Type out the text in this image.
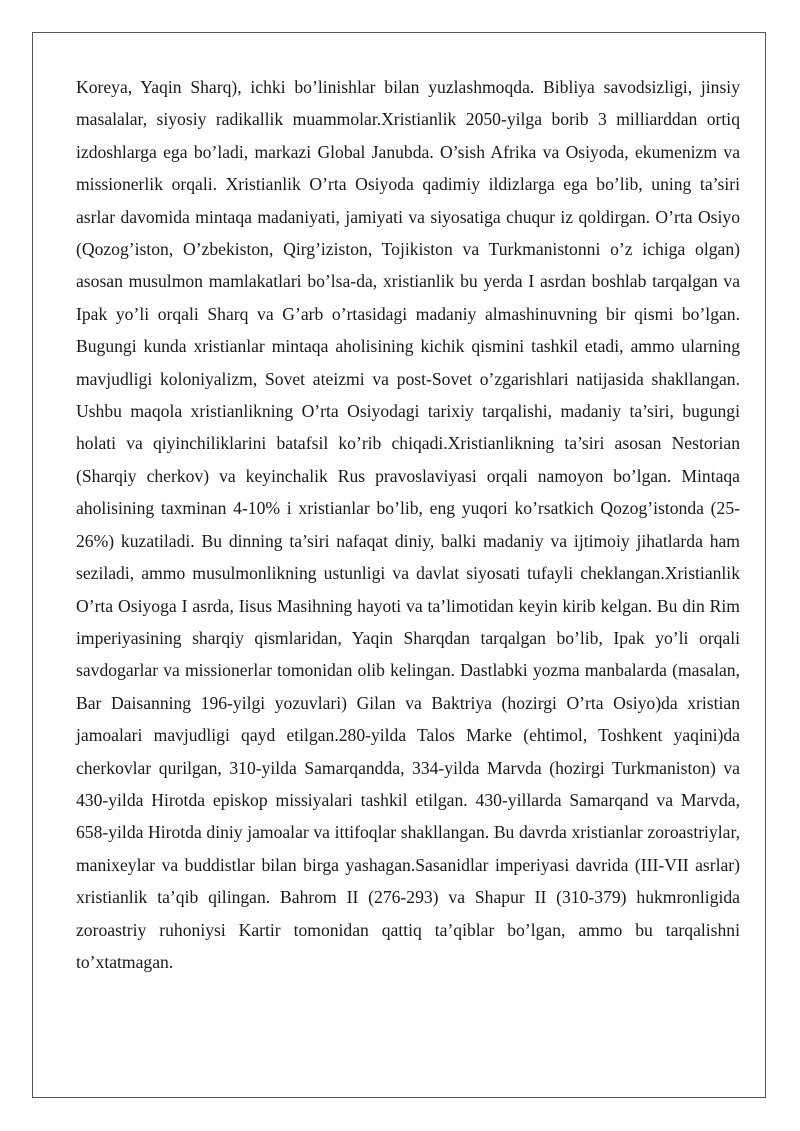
Koreya, Yaqin Sharq), ichki bo’linishlar bilan yuzlashmoqda. Bibliya savodsizligi, jinsiy masalalar, siyosiy radikallik muammolar.Xristianlik 2050-yilga borib 3 milliarddan ortiq izdoshlarga ega bo’ladi, markazi Global Janubda. O’sish Afrika va Osiyoda, ekumenizm va missionerlik orqali. Xristianlik O’rta Osiyoda qadimiy ildizlarga ega bo’lib, uning ta’siri asrlar davomida mintaqa madaniyati, jamiyati va siyosatiga chuqur iz qoldirgan. O’rta Osiyo (Qozog’iston, O’zbekiston, Qirg’iziston, Tojikiston va Turkmanistonni o’z ichiga olgan) asosan musulmon mamlakatlari bo’lsa-da, xristianlik bu yerda I asrdan boshlab tarqalgan va Ipak yo’li orqali Sharq va G’arb o’rtasidagi madaniy almashinuvning bir qismi bo’lgan. Bugungi kunda xristianlar mintaqa aholisining kichik qismini tashkil etadi, ammo ularning mavjudligi koloniyalizm, Sovet ateizmi va post-Sovet o’zgarishlari natijasida shakllangan. Ushbu maqola xristianlikning O’rta Osiyodagi tarixiy tarqalishi, madaniy ta’siri, bugungi holati va qiyinchiliklarini batafsil ko’rib chiqadi.Xristianlikning ta’siri asosan Nestorian (Sharqiy cherkov) va keyinchalik Rus pravoslaviyasi orqali namoyon bo’lgan. Mintaqa aholisining taxminan 4-10% i xristianlar bo’lib, eng yuqori ko’rsatkich Qozog’istonda (25-26%) kuzatiladi. Bu dinning ta’siri nafaqat diniy, balki madaniy va ijtimoiy jihatlarda ham seziladi, ammo musulmonlikning ustunligi va davlat siyosati tufayli cheklangan.Xristianlik O’rta Osiyoga I asrda, Iisus Masihning hayoti va ta’limotidan keyin kirib kelgan. Bu din Rim imperiyasining sharqiy qismlaridan, Yaqin Sharqdan tarqalgan bo’lib, Ipak yo’li orqali savdogarlar va missionerlar tomonidan olib kelingan. Dastlabki yozma manbalarda (masalan, Bar Daisanning 196-yilgi yozuvlari) Gilan va Baktriya (hozirgi O’rta Osiyo)da xristian jamoalari mavjudligi qayd etilgan.280-yilda Talos Marke (ehtimol, Toshkent yaqini)da cherkovlar qurilgan, 310-yilda Samarqandda, 334-yilda Marvda (hozirgi Turkmaniston) va 430-yilda Hirotda episkop missiyalari tashkil etilgan. 430-yillarda Samarqand va Marvda, 658-yilda Hirotda diniy jamoalar va ittifoqlar shakllangan. Bu davrda xristianlar zoroastriylar, manixeylar va buddistlar bilan birga yashagan.Sasanidlar imperiyasi davrida (III-VII asrlar) xristianlik ta’qib qilingan. Bahrom II (276-293) va Shapur II (310-379) hukmronligida zoroastriy ruhoniysi Kartir tomonidan qattiq ta’qiblar bo’lgan, ammo bu tarqalishni to’xtatmagan.
